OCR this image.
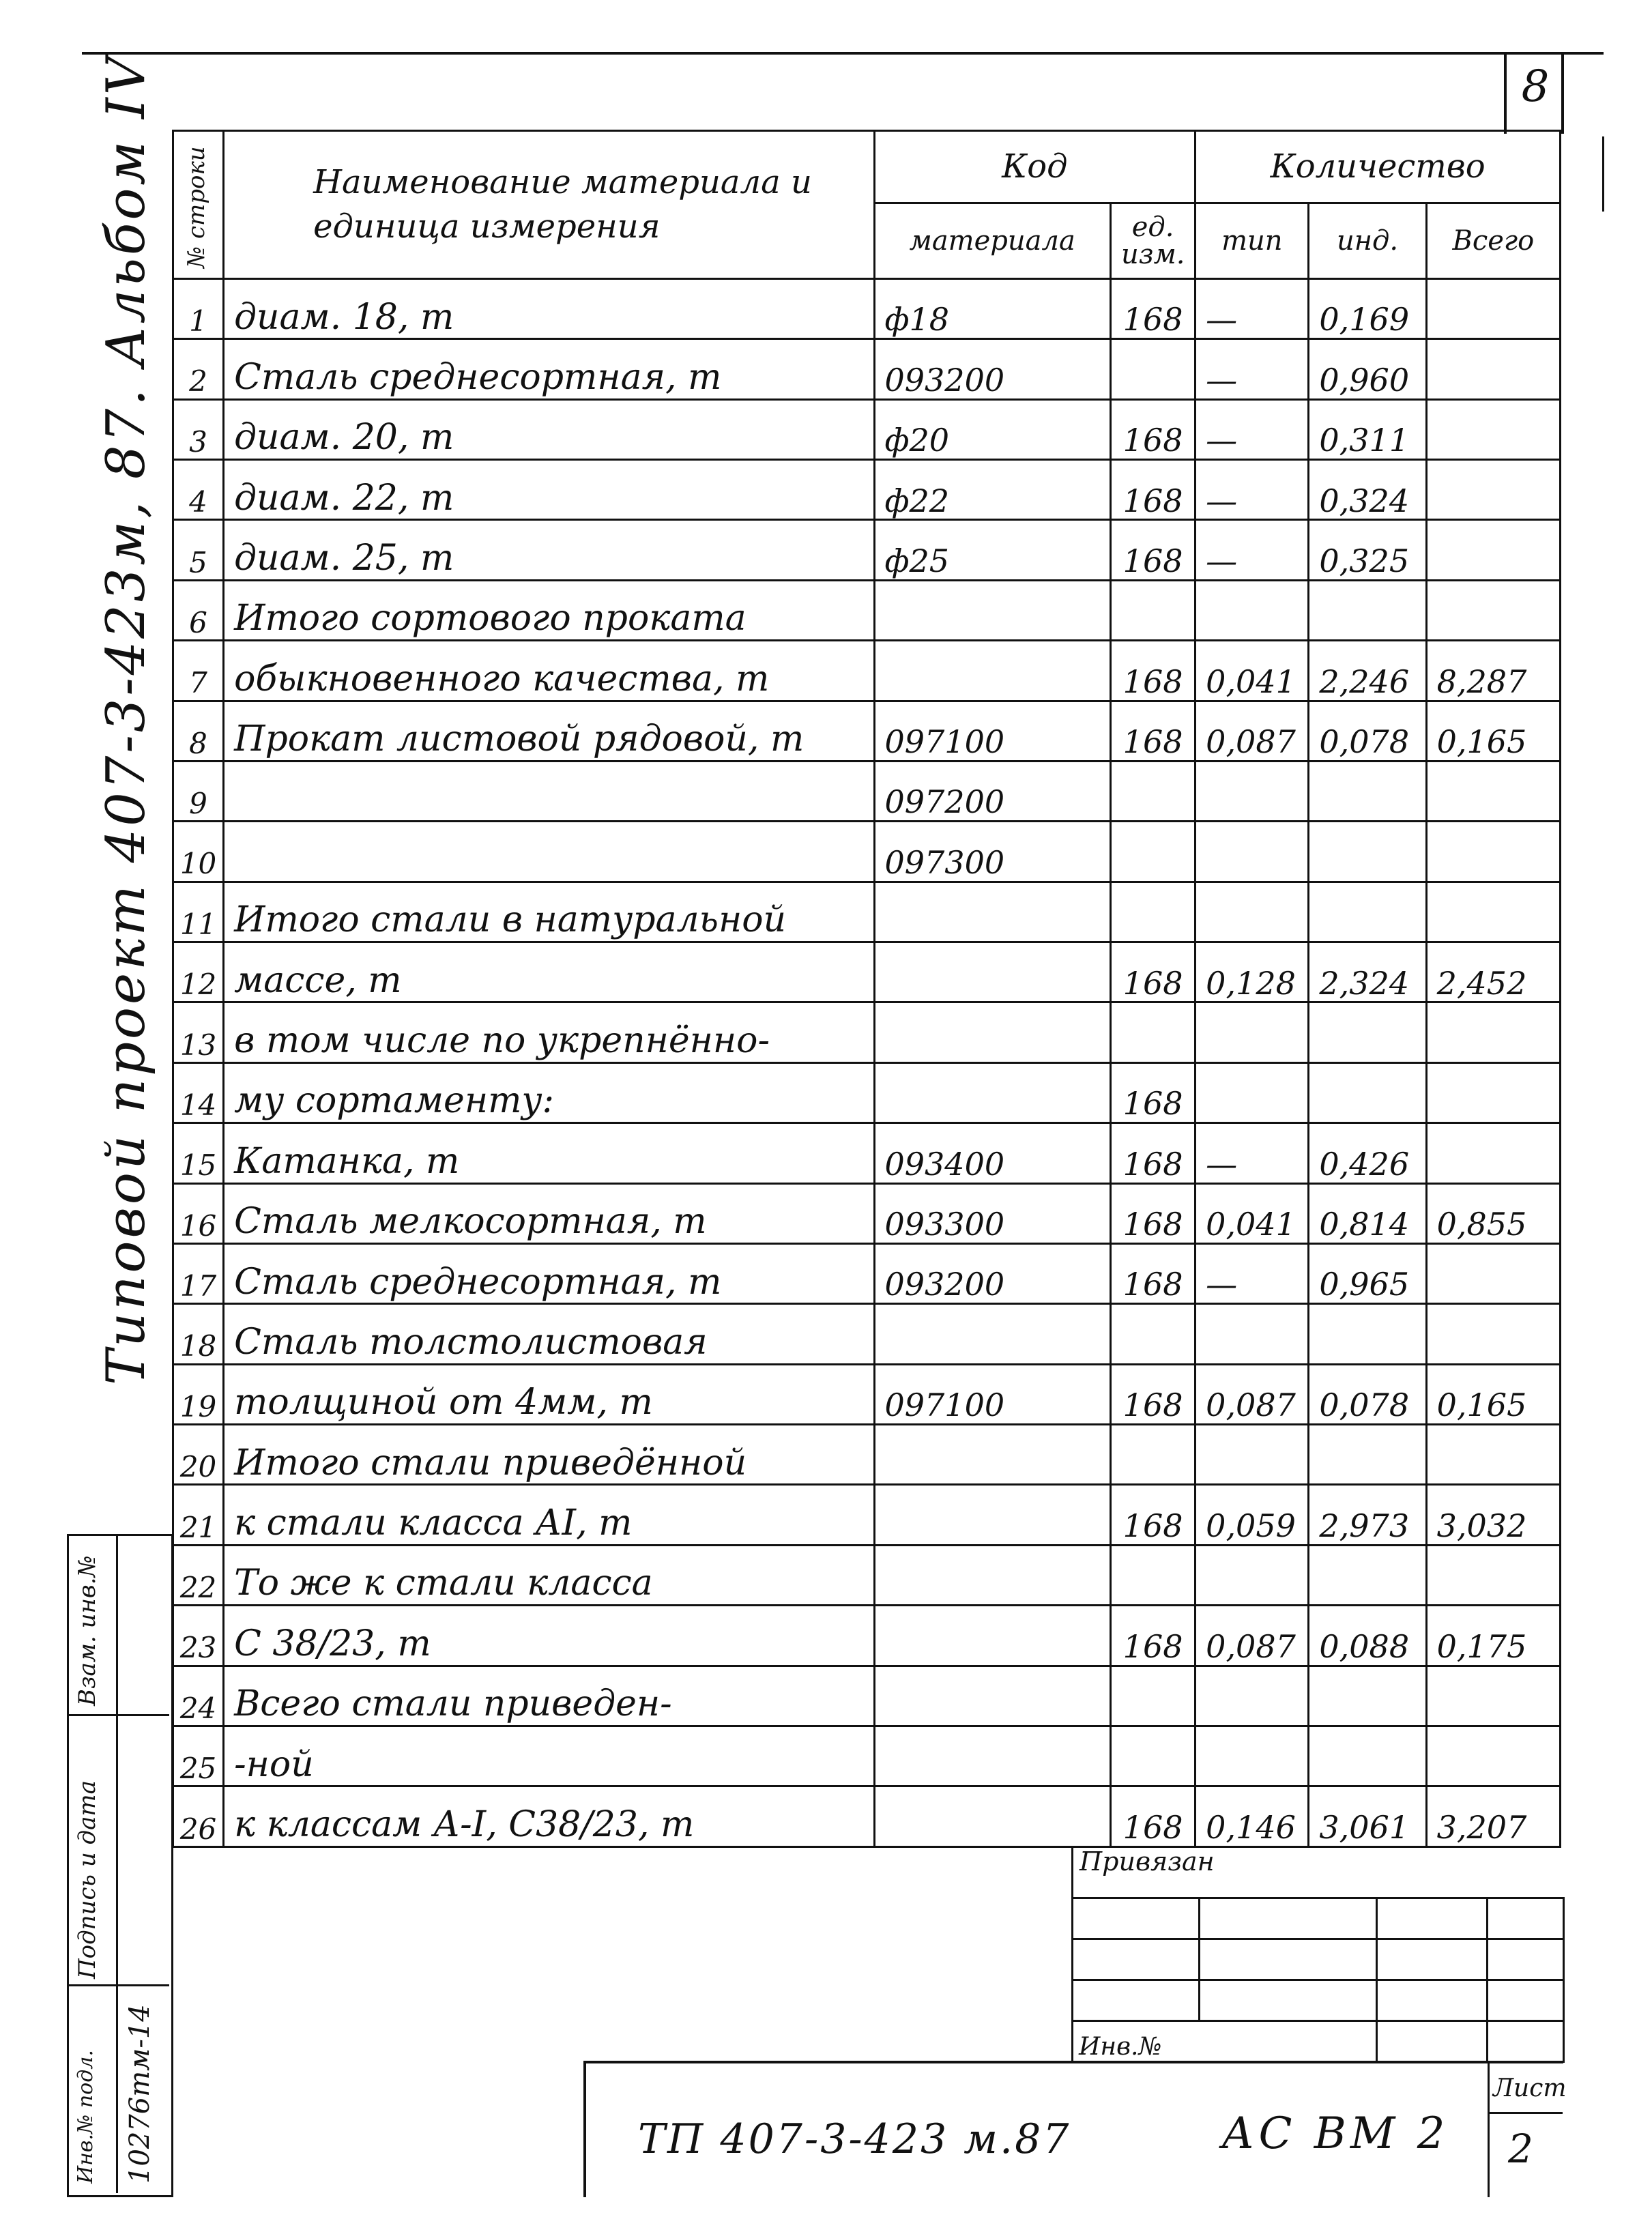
8
Типовой проект 407-3-423м, 87. Альбом IV № строки	Наименование материала и единица измерения	Код		Количество		
		материала	ед. изм.	тип	инд.	Всего
1	диам. 18, т	ф18	168	—	0,169	
2	Сталь среднесортная, т	093200		—	0,960	
3	диам. 20, т	ф20	168	—	0,311	
4	диам. 22, т	ф22	168	—	0,324	
5	диам. 25, т	ф25	168	—	0,325	
6	Итого сортового проката					
7	обыкновенного качества, т		168	0,041	2,246	8,287
8	Прокат листовой рядовой, т	097100	168	0,087	0,078	0,165
9		097200				
10		097300				
11	Итого стали в натуральной					
12	массе, т		168	0,128	2,324	2,452
13	в том числе по укрепнённо-					
14	му сортаменту:		168			
15	Катанка, т	093400	168	—	0,426	
16	Сталь мелкосортная, т	093300	168	0,041	0,814	0,855
17	Сталь среднесортная, т	093200	168	—	0,965	
18	Сталь толстолистовая					
19	толщиной от 4мм, т	097100	168	0,087	0,078	0,165
20	Итого стали приведённой					
21	к стали класса АI, т		168	0,059	2,973	3,032
22	То же к стали класса					
23	С 38/23, т		168	0,087	0,088	0,175
24	Всего стали приведен-					
25	-ной					
26	к классам А-I, С38/23, т		168	0,146	3,061	3,207
Привязан

Инв.№			
ТП 407-3-423 м.87	АС ВМ 2
Лист
2
Взам. инв.№
Подпись и дата
Инв.№ подл. 10276тм-14
